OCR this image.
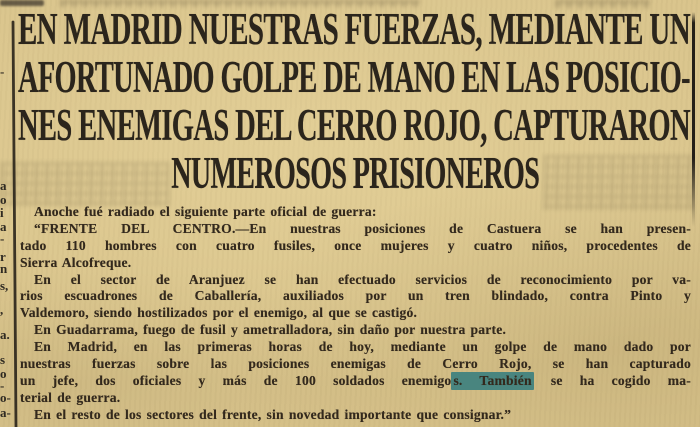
-
a
o
i
a
-
r
n
s,
,
a.
s
o
-
o-
a-
EN MADRID NUESTRAS FUERZAS, MEDIANTE UN
AFORTUNADO GOLPE DE MANO EN LAS POSICIO-
NES ENEMIGAS DEL CERRO ROJO, CAPTURARON
NUMEROSOS PRISIONEROS
Anoche fué radiado el siguiente parte oficial de guerra:
“FRENTE DEL CENTRO.—En nuestras posiciones de Castuera se han presen-
tado 110 hombres con cuatro fusiles, once mujeres y cuatro niños, procedentes de
Sierra Alcofreque.
En el sector de Aranjuez se han efectuado servicios de reconocimiento por va-
rios escuadrones de Caballería, auxiliados por un tren blindado, contra Pinto y
Valdemoro, siendo hostilizados por el enemigo, al que se castigó.
En Guadarrama, fuego de fusil y ametralladora, sin daño por nuestra parte.
En Madrid, en las primeras horas de hoy, mediante un golpe de mano dado por
nuestras fuerzas sobre las posiciones enemigas de Cerro Rojo, se han capturado
un jefe, dos oficiales y más de 100 soldados enemigo s. También se ha cogido ma-
terial de guerra.
En el resto de los sectores del frente, sin novedad importante que consignar.”
